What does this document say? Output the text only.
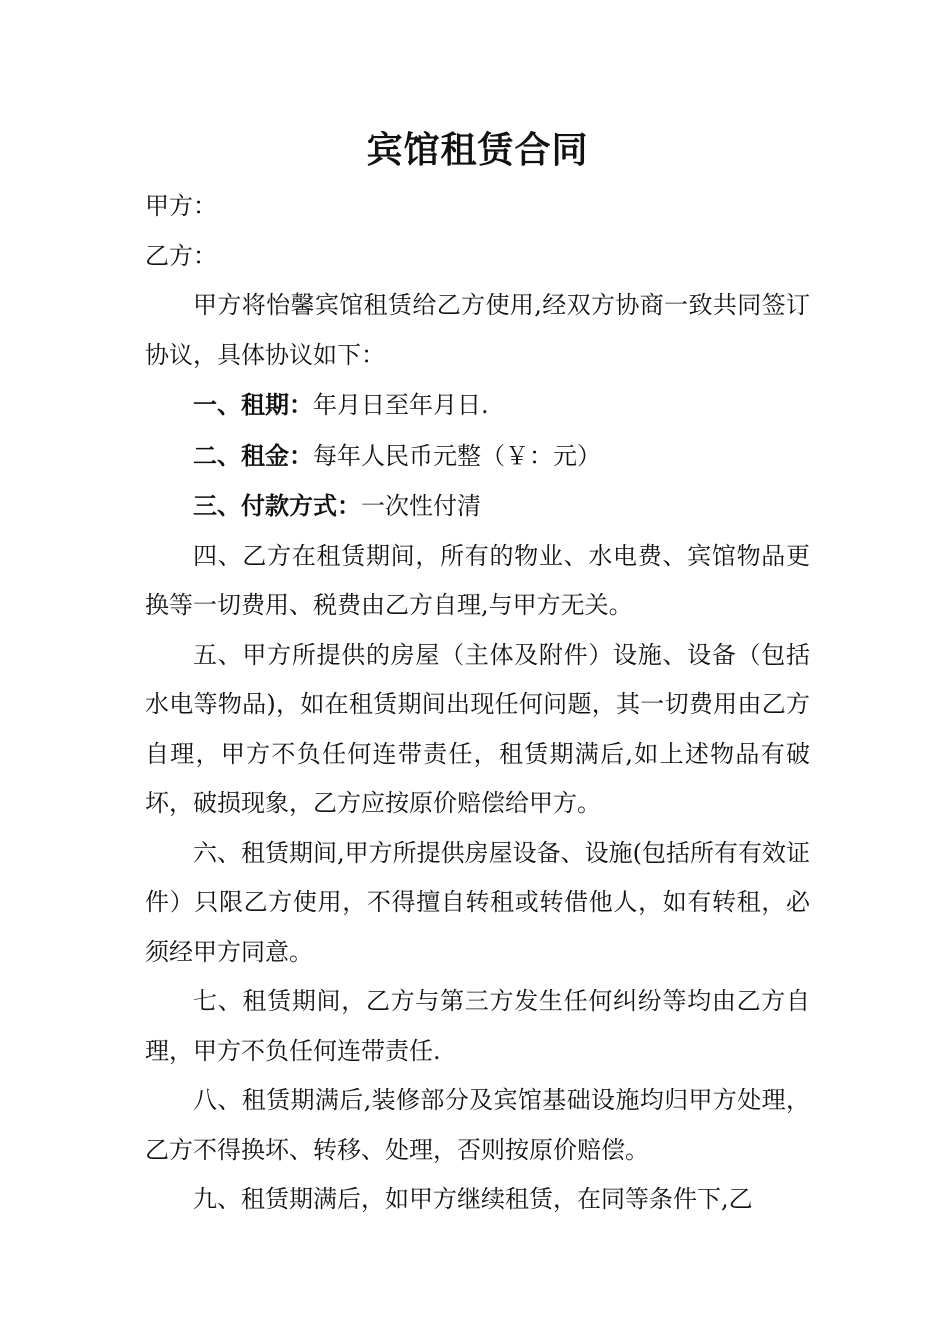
宾馆租赁合同

甲方：

乙方：

甲方将怡馨宾馆租赁给乙方使用,经双方协商一致共同签订协议，具体协议如下：

一、租期：年月日至年月日.

二、租金：每年人民币元整（￥：元）

三、付款方式：一次性付清

四、乙方在租赁期间，所有的物业、水电费、宾馆物品更换等一切费用、税费由乙方自理,与甲方无关。

五、甲方所提供的房屋（主体及附件）设施、设备（包括水电等物品)，如在租赁期间出现任何问题，其一切费用由乙方自理，甲方不负任何连带责任，租赁期满后,如上述物品有破坏，破损现象，乙方应按原价赔偿给甲方。

六、租赁期间,甲方所提供房屋设备、设施(包括所有有效证件）只限乙方使用，不得擅自转租或转借他人，如有转租，必须经甲方同意。

七、租赁期间，乙方与第三方发生任何纠纷等均由乙方自理，甲方不负任何连带责任.

八、租赁期满后,装修部分及宾馆基础设施均归甲方处理，乙方不得换坏、转移、处理，否则按原价赔偿。

九、租赁期满后，如甲方继续租赁，在同等条件下,乙
